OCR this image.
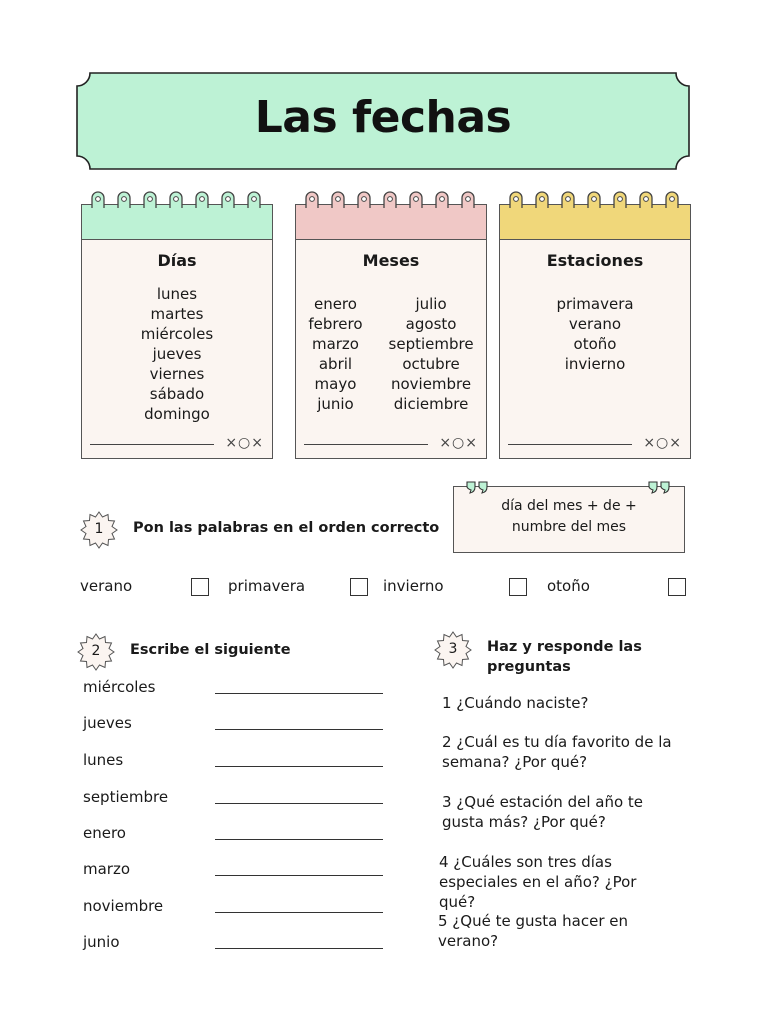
Las fechas
Días
lunes
martes
miércoles
jueves
viernes
sábado
domingo
×○×
Meses
enero
febrero
marzo
abril
mayo
junio
julio
agosto
septiembre
octubre
noviembre
diciembre
×○×
Estaciones
primavera
verano
otoño
invierno
×○×
día del mes + de +
numbre del mes
1	Pon las palabras en el orden correcto
verano	primavera	invierno	otoño
2	Escribe el siguiente
miércoles
jueves
lunes
septiembre
enero
marzo
noviembre
junio
3	Haz y responde las
preguntas
1 ¿Cuándo naciste?
2 ¿Cuál es tu día favorito de la
semana? ¿Por qué?
3 ¿Qué estación del año te
gusta más? ¿Por qué?
4 ¿Cuáles son tres días
especiales en el año? ¿Por
qué?
5 ¿Qué te gusta hacer en
verano?
